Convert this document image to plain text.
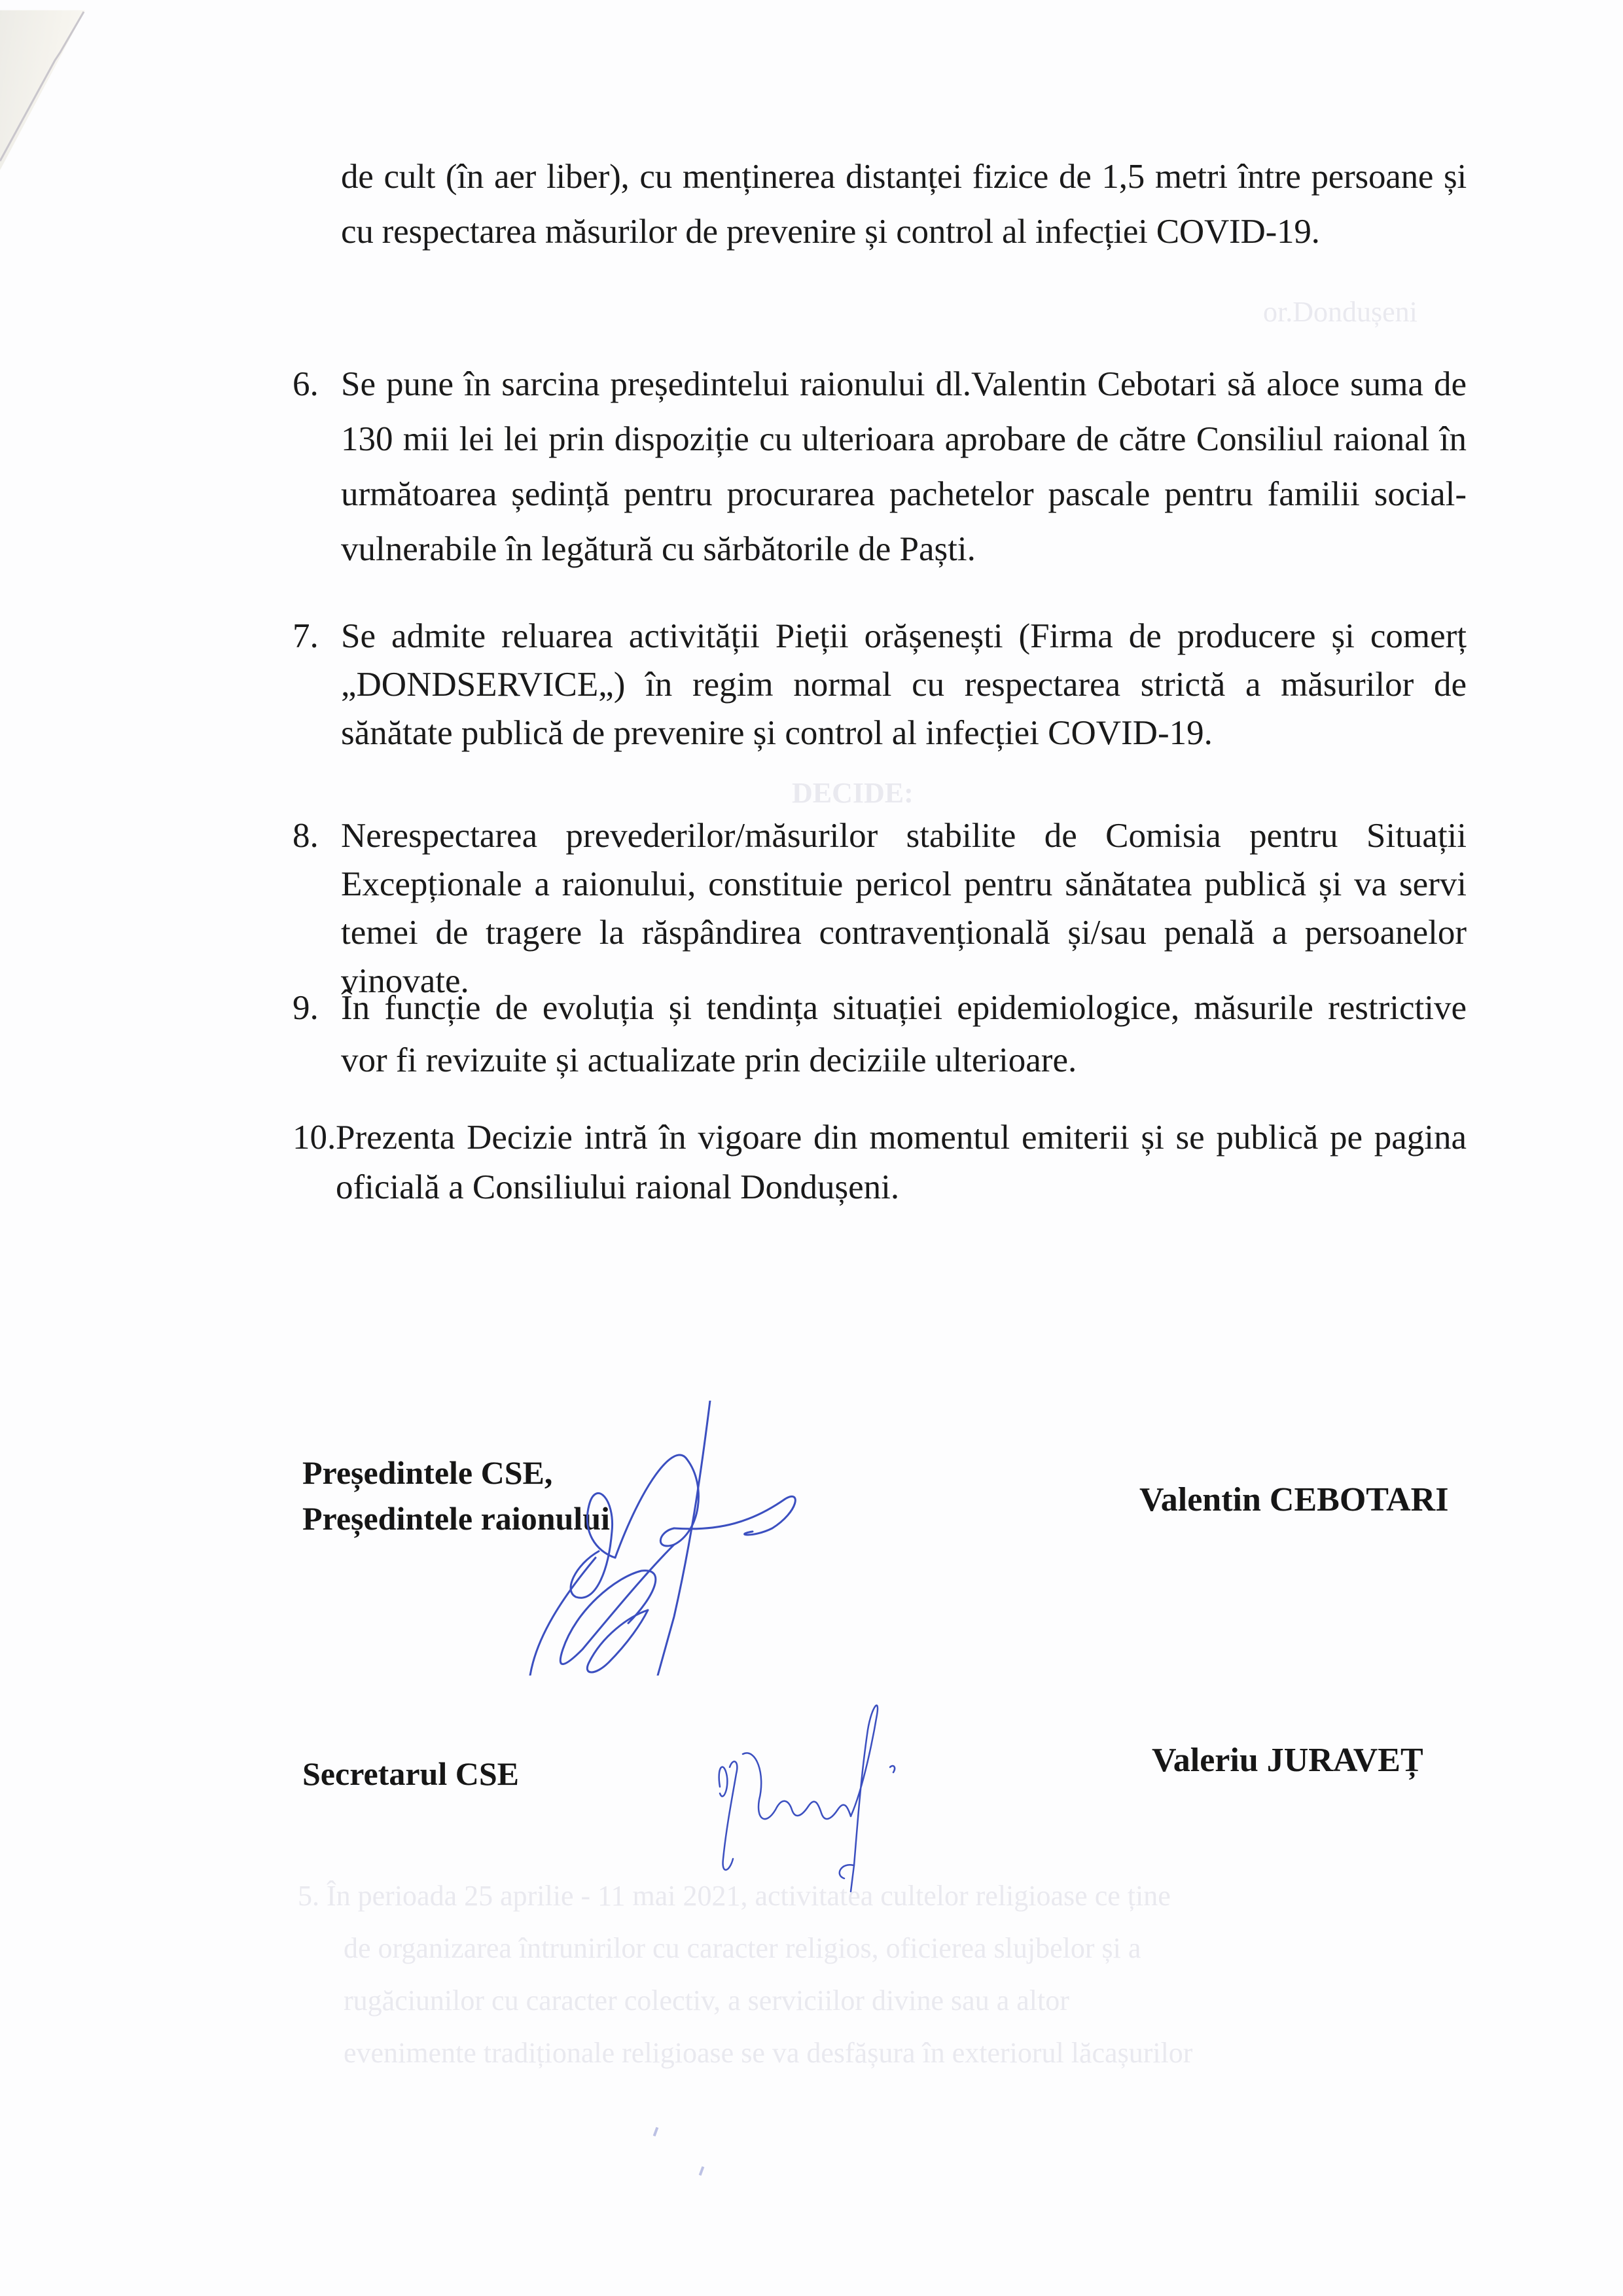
or.Dondușeni
DECIDE:
5. În perioada 25 aprilie - 11 mai 2021, activitatea cultelor religioase ce ține
de organizarea întrunirilor cu caracter religios, oficierea slujbelor și a
rugăciunilor cu caracter colectiv, a serviciilor divine sau a altor
evenimente tradiționale religioase se va desfășura în exteriorul lăcașurilor
de cult (în aer liber), cu menținerea distanței fizice de 1,5 metri între persoane și cu respectarea măsurilor de prevenire și control al infecției COVID-19.
6. Se pune în sarcina președintelui raionului dl.Valentin Cebotari să aloce suma de 130 mii lei lei prin dispoziție cu ulterioara aprobare de către Consiliul raional în următoarea ședință pentru procurarea pachetelor pascale pentru familii social-vulnerabile în legătură cu sărbătorile de Paști.
7. Se admite reluarea activității Pieții orășenești (Firma de producere și comerț „DONDSERVICE„) în regim normal cu respectarea strictă a măsurilor de sănătate publică de prevenire și control al infecției COVID-19.
8. Nerespectarea prevederilor/măsurilor stabilite de Comisia pentru Situații Excepționale a raionului, constituie pericol pentru sănătatea publică și va servi temei de tragere la răspândirea contravențională și/sau penală a persoanelor vinovate.
9. În funcție de evoluția și tendința situației epidemiologice, măsurile restrictive vor fi revizuite și actualizate prin deciziile ulterioare.
10. Prezenta Decizie intră în vigoare din momentul emiterii și se publică pe pagina oficială a Consiliului raional Dondușeni.
Președintele CSE,
Președintele raionului	Valentin CEBOTARI
Secretarul CSE	Valeriu JURAVEȚ
